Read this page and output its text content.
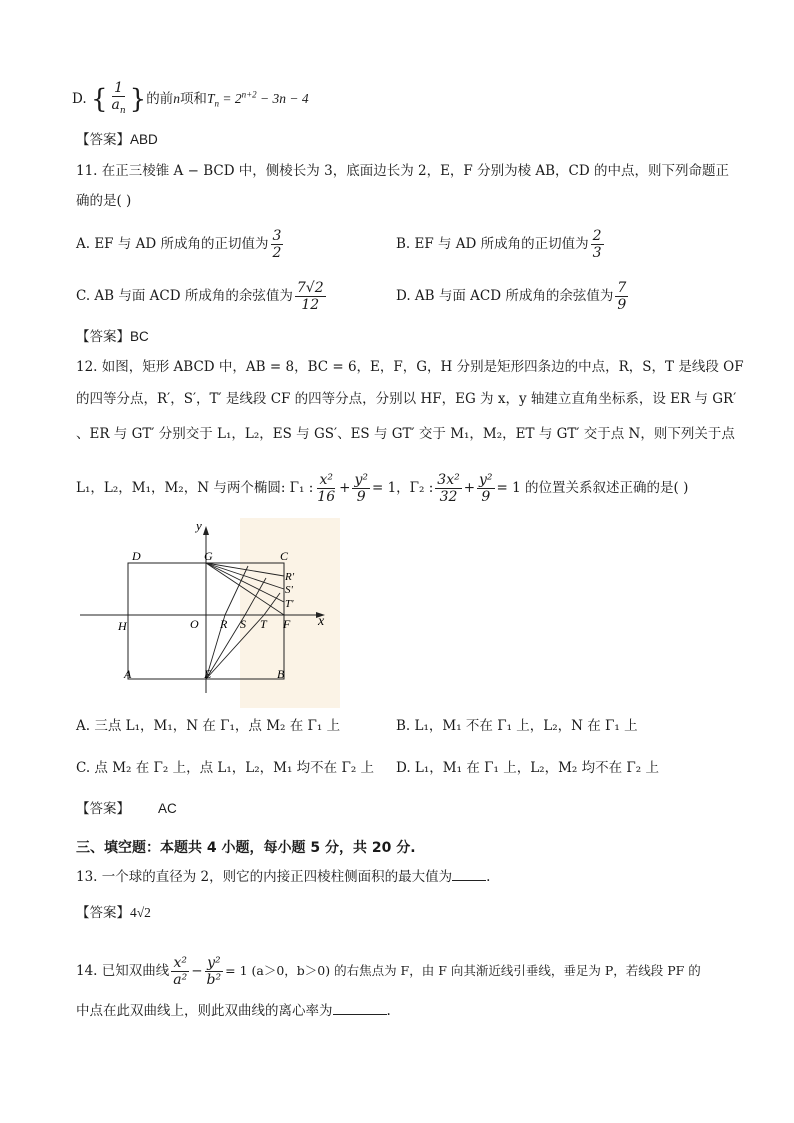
D. { $\frac{1}{a_n}$ }的前n项和$T_n = 2^{n+2} - 3n - 4$
【答案】ABD
11. 在正三棱锥 A − BCD 中，侧棱长为 3，底面边长为 2，E，F 分别为棱 AB，CD 的中点，则下列命题正
确的是( )
A. EF 与 AD 所成角的正切值为 $\frac{3}{2}$	B. EF 与 AD 所成角的正切值为 $\frac{2}{3}$
C. AB 与面 ACD 所成角的余弦值为 $\frac{7√2}{12}$	D. AB 与面 ACD 所成角的余弦值为 $\frac{7}{9}$
【答案】BC
12. 如图，矩形 ABCD 中，AB = 8，BC = 6，E，F，G，H 分别是矩形四条边的中点，R，S，T 是线段 OF
的四等分点，R′，S′，T′ 是线段 CF 的四等分点，分别以 HF，EG 为 x，y 轴建立直角坐标系，设 ER 与 GR′
、ER 与 GT′ 分别交于 L₁，L₂，ES 与 GS′、ES 与 GT′ 交于 M₁，M₂，ET 与 GT′ 交于点 N，则下列关于点
L₁，L₂，M₁，M₂，N 与两个椭圆: Γ₁ : $\frac{\text{x²}}{16} + \frac{\text{y²}}{9} = 1$，Γ₂ : $\frac{\text{3x²}}{32} + \frac{\text{y²}}{9} = 1$ 的位置关系叙述正确的是( )
y
x
D	G	C
R'
S'
T'
H	O R S T F
A	E	B
A. 三点 L₁，M₁，N 在 Γ₁，点 M₂ 在 Γ₁ 上	B. L₁，M₁ 不在 Γ₁ 上，L₂，N 在 Γ₁ 上
C. 点 M₂ 在 Γ₂ 上，点 L₁，L₂，M₁ 均不在 Γ₂ 上 D. L₁，M₁ 在 Γ₁ 上，L₂，M₂ 均不在 Γ₂ 上
【答案】 AC
三、填空题：本题共 4 小题，每小题 5 分，共 20 分.
13. 一个球的直径为 2，则它的内接正四棱柱侧面积的最大值为	.
【答案】4√2
14. 已知双曲线 $\frac{\text{x²}}{\text{a²}} - \frac{\text{y²}}{\text{b²}} = 1$ (a＞0，b＞0) 的右焦点为 F，由 F 向其渐近线引垂线，垂足为 P，若线段 PF 的
中点在此双曲线上，则此双曲线的离心率为	.
